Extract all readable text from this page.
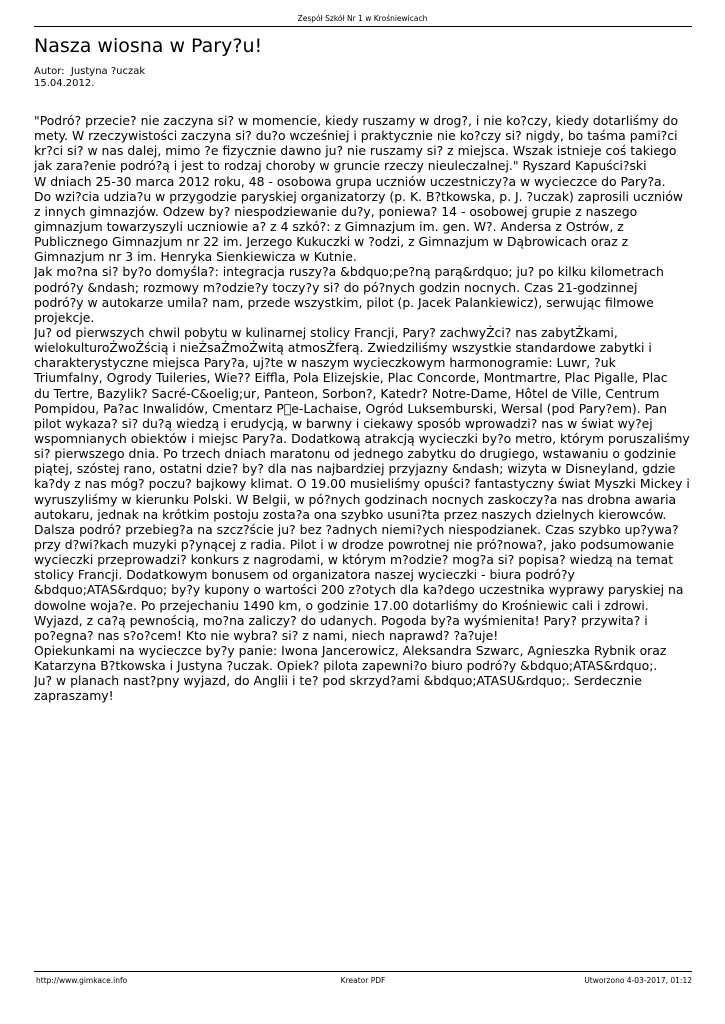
Zespół Szkół Nr 1 w Krośniewicach
Nasza wiosna w Pary?u!
Autor:  Justyna ?uczak
15.04.2012.
"Podró? przecie? nie zaczyna si? w momencie, kiedy ruszamy w drog?, i nie ko?czy, kiedy dotarliśmy do
mety. W rzeczywistości zaczyna si? du?o wcześniej i praktycznie nie ko?czy si? nigdy, bo taśma pami?ci
kr?ci si? w nas dalej, mimo ?e fizycznie dawno ju? nie ruszamy si? z miejsca. Wszak istnieje coś takiego
jak zara?enie podró?ą i jest to rodzaj choroby w gruncie rzeczy nieuleczalnej." Ryszard Kapuści?ski
W dniach 25-30 marca 2012 roku, 48 - osobowa grupa uczniów uczestniczy?a w wycieczce do Pary?a.
Do wzi?cia udzia?u w przygodzie paryskiej organizatorzy (p. K. B?tkowska, p. J. ?uczak) zaprosili uczniów
z innych gimnazjów. Odzew by? niespodziewanie du?y, poniewa? 14 - osobowej grupie z naszego
gimnazjum towarzyszyli uczniowie a? z 4 szkó?: z Gimnazjum im. gen. W?. Andersa z Ostrów, z
Publicznego Gimnazjum nr 22 im. Jerzego Kukuczki w ?odzi, z Gimnazjum w Dąbrowicach oraz z
Gimnazjum nr 3 im. Henryka Sienkiewicza w Kutnie.
Jak mo?na si? by?o domyśla?: integracja ruszy?a &bdquo;pe?ną parą&rdquo; ju? po kilku kilometrach
podró?y &ndash; rozmowy m?odzie?y toczy?y si? do pó?nych godzin nocnych. Czas 21-godzinnej
podró?y w autokarze umila? nam, przede wszystkim, pilot (p. Jacek Palankiewicz), serwując filmowe
projekcje.
Ju? od pierwszych chwil pobytu w kulinarnej stolicy Francji, Pary? zachwyŹci? nas zabytŹkami,
wielokulturoŻwoŹścią i nieŹsaŻmoŻwitą atmosŹferą. Zwiedziliśmy wszystkie standardowe zabytki i
charakterystyczne miejsca Pary?a, uj?te w naszym wycieczkowym harmonogramie: Luwr, ?uk
Triumfalny, Ogrody Tuileries, Wie?? Eiffla, Pola Elizejskie, Plac Concorde, Montmartre, Plac Pigalle, Plac
du Tertre, Bazylik? Sacré-C&oelig;ur, Panteon, Sorbon?, Katedr? Notre-Dame, Hôtel de Ville, Centrum
Pompidou, Pa?ac Inwalidów, Cmentarz P e-Lachaise, Ogród Luksemburski, Wersal (pod Pary?em). Pan
pilot wykaza? si? du?ą wiedzą i erudycją, w barwny i ciekawy sposób wprowadzi? nas w świat wy?ej
wspomnianych obiektów i miejsc Pary?a. Dodatkową atrakcją wycieczki by?o metro, którym poruszaliśmy
si? pierwszego dnia. Po trzech dniach maratonu od jednego zabytku do drugiego, wstawaniu o godzinie
piątej, szóstej rano, ostatni dzie? by? dla nas najbardziej przyjazny &ndash; wizyta w Disneyland, gdzie
ka?dy z nas móg? poczu? bajkowy klimat. O 19.00 musieliśmy opuści? fantastyczny świat Myszki Mickey i
wyruszyliśmy w kierunku Polski. W Belgii, w pó?nych godzinach nocnych zaskoczy?a nas drobna awaria
autokaru, jednak na krótkim postoju zosta?a ona szybko usuni?ta przez naszych dzielnych kierowców.
Dalsza podró? przebieg?a na szcz?ście ju? bez ?adnych niemi?ych niespodzianek. Czas szybko up?ywa?
przy d?wi?kach muzyki p?ynącej z radia. Pilot i w drodze powrotnej nie pró?nowa?, jako podsumowanie
wycieczki przeprowadzi? konkurs z nagrodami, w którym m?odzie? mog?a si? popisa? wiedzą na temat
stolicy Francji. Dodatkowym bonusem od organizatora naszej wycieczki - biura podró?y
&bdquo;ATAS&rdquo; by?y kupony o wartości 200 z?otych dla ka?dego uczestnika wyprawy paryskiej na
dowolne woja?e. Po przejechaniu 1490 km, o godzinie 17.00 dotarliśmy do Krośniewic cali i zdrowi.
Wyjazd, z ca?ą pewnością, mo?na zaliczy? do udanych. Pogoda by?a wyśmienita! Pary? przywita? i
po?egna? nas s?o?cem! Kto nie wybra? si? z nami, niech naprawd? ?a?uje!
Opiekunkami na wycieczce by?y panie: Iwona Jancerowicz, Aleksandra Szwarc, Agnieszka Rybnik oraz
Katarzyna B?tkowska i Justyna ?uczak. Opiek? pilota zapewni?o biuro podró?y &bdquo;ATAS&rdquo;.
Ju? w planach nast?pny wyjazd, do Anglii i te? pod skrzyd?ami &bdquo;ATASU&rdquo;. Serdecznie
zapraszamy!
http://www.gimkace.info	Kreator PDF	Utworzono 4-03-2017, 01:12
